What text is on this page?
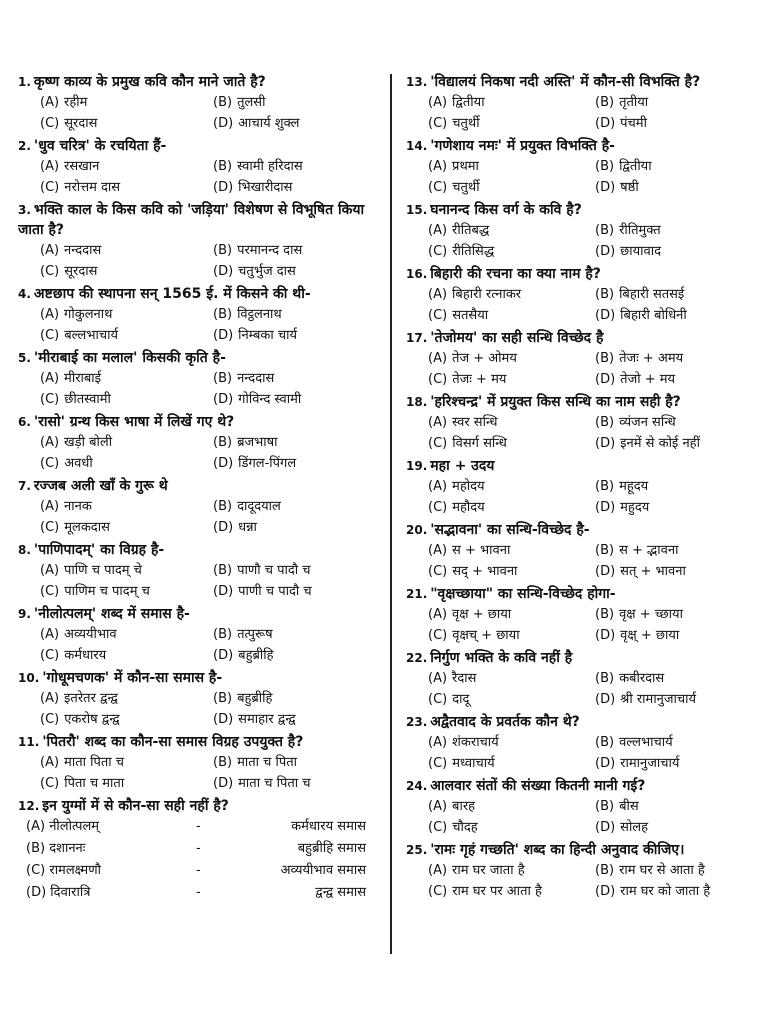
1. कृष्ण काव्य के प्रमुख कवि कौन माने जाते है?
(A) रहीम	(B) तुलसी
(C) सूरदास	(D) आचार्य शुक्ल
2. 'धुव चरित्र' के रचयिता हैं-
(A) रसखान	(B) स्वामी हरिदास
(C) नरोत्तम दास	(D) भिखारीदास
3. भक्ति काल के किस कवि को 'जड़िया' विशेषण से विभूषित किया जाता है?
(A) नन्ददास	(B) परमानन्द दास
(C) सूरदास	(D) चतुर्भुज दास
4. अष्टछाप की स्थापना सन् 1565 ई. में किसने की थी-
(A) गोकुलनाथ	(B) विट्ठलनाथ
(C) बल्लभाचार्य	(D) निम्बका चार्य
5. 'मीराबाई का मलाल' किसकी कृति है-
(A) मीराबाई	(B) नन्ददास
(C) छीतस्वामी	(D) गोविन्द स्वामी
6. 'रासो' ग्रन्थ किस भाषा में लिखें गए थे?
(A) खड़ी बोली	(B) ब्रजभाषा
(C) अवधी	(D) डिंगल-पिंगल
7. रज्जब अली खाँ के गुरू थे
(A) नानक	(B) दादूदयाल
(C) मूलकदास	(D) धन्ना
8. 'पाणिपादम्' का विग्रह है-
(A) पाणि च पादम् चे	(B) पाणौ च पादौ च
(C) पाणिम च पादम् च	(D) पाणी च पादौ च
9. 'नीलोत्पलम्' शब्द में समास है-
(A) अव्ययीभाव	(B) तत्पुरूष
(C) कर्मधारय	(D) बहुब्रीहि
10. 'गोधूमचणक' में कौन-सा समास है-
(A) इतरेतर द्वन्द्व	(B) बहुब्रीहि
(C) एकरोष द्वन्द्व	(D) समाहार द्वन्द्व
11. 'पितरौ' शब्द का कौन-सा समास विग्रह उपयुक्त है?
(A) माता पिता च	(B) माता च पिता
(C) पिता च माता	(D) माता च पिता च
12. इन युग्मों में से कौन-सा सही नहीं है?
(A) नीलोत्पलम्	-	कर्मधारय समास
(B) दशाननः	-	बहुब्रीहि समास
(C) रामलक्ष्मणौ	-	अव्ययीभाव समास
(D) दिवारात्रि	-	द्वन्द्व समास
13. 'विद्यालयं निकषा नदी अस्ति' में कौन-सी विभक्ति है?
(A) द्वितीया	(B) तृतीया
(C) चतुर्थी	(D) पंचमी
14. 'गणेशाय नमः' में प्रयुक्त विभक्ति है-
(A) प्रथमा	(B) द्वितीया
(C) चतुर्थी	(D) षष्ठी
15. घनानन्द किस वर्ग के कवि है?
(A) रीतिबद्ध	(B) रीतिमुक्त
(C) रीतिसिद्ध	(D) छायावाद
16. बिहारी की रचना का क्या नाम है?
(A) बिहारी रत्नाकर	(B) बिहारी सतसई
(C) सतसैया	(D) बिहारी बोधिनी
17. 'तेजोमय' का सही सन्धि विच्छेद है
(A) तेज + ओमय	(B) तेजः + अमय
(C) तेजः + मय	(D) तेजो + मय
18. 'हरिश्चन्द्र' में प्रयुक्त किस सन्धि का नाम सही है?
(A) स्वर सन्धि	(B) व्यंजन सन्धि
(C) विसर्ग सन्धि	(D) इनमें से कोई नहीं
19. महा + उदय
(A) महोदय	(B) महूदय
(C) महौदय	(D) महुदय
20. 'सद्भावना' का सन्धि-विच्छेद है-
(A) स + भावना	(B) स + द्भावना
(C) सद् + भावना	(D) सत् + भावना
21. "वृक्षच्छाया" का सन्धि-विच्छेद होगा-
(A) वृक्ष + छाया	(B) वृक्ष + च्छाया
(C) वृक्षच् + छाया	(D) वृक्ष् + छाया
22. निर्गुण भक्ति के कवि नहीं है
(A) रैदास	(B) कबीरदास
(C) दादू	(D) श्री रामानुजाचार्य
23. अद्वैतवाद के प्रवर्तक कौन थे?
(A) शंकराचार्य	(B) वल्लभाचार्य
(C) मध्वाचार्य	(D) रामानुजाचार्य
24. आलवार संतों की संख्या कितनी मानी गई?
(A) बारह	(B) बीस
(C) चौदह	(D) सोलह
25. 'रामः गृहं गच्छति' शब्द का हिन्दी अनुवाद कीजिए।
(A) राम घर जाता है	(B) राम घर से आता है
(C) राम घर पर आता है	(D) राम घर को जाता है
